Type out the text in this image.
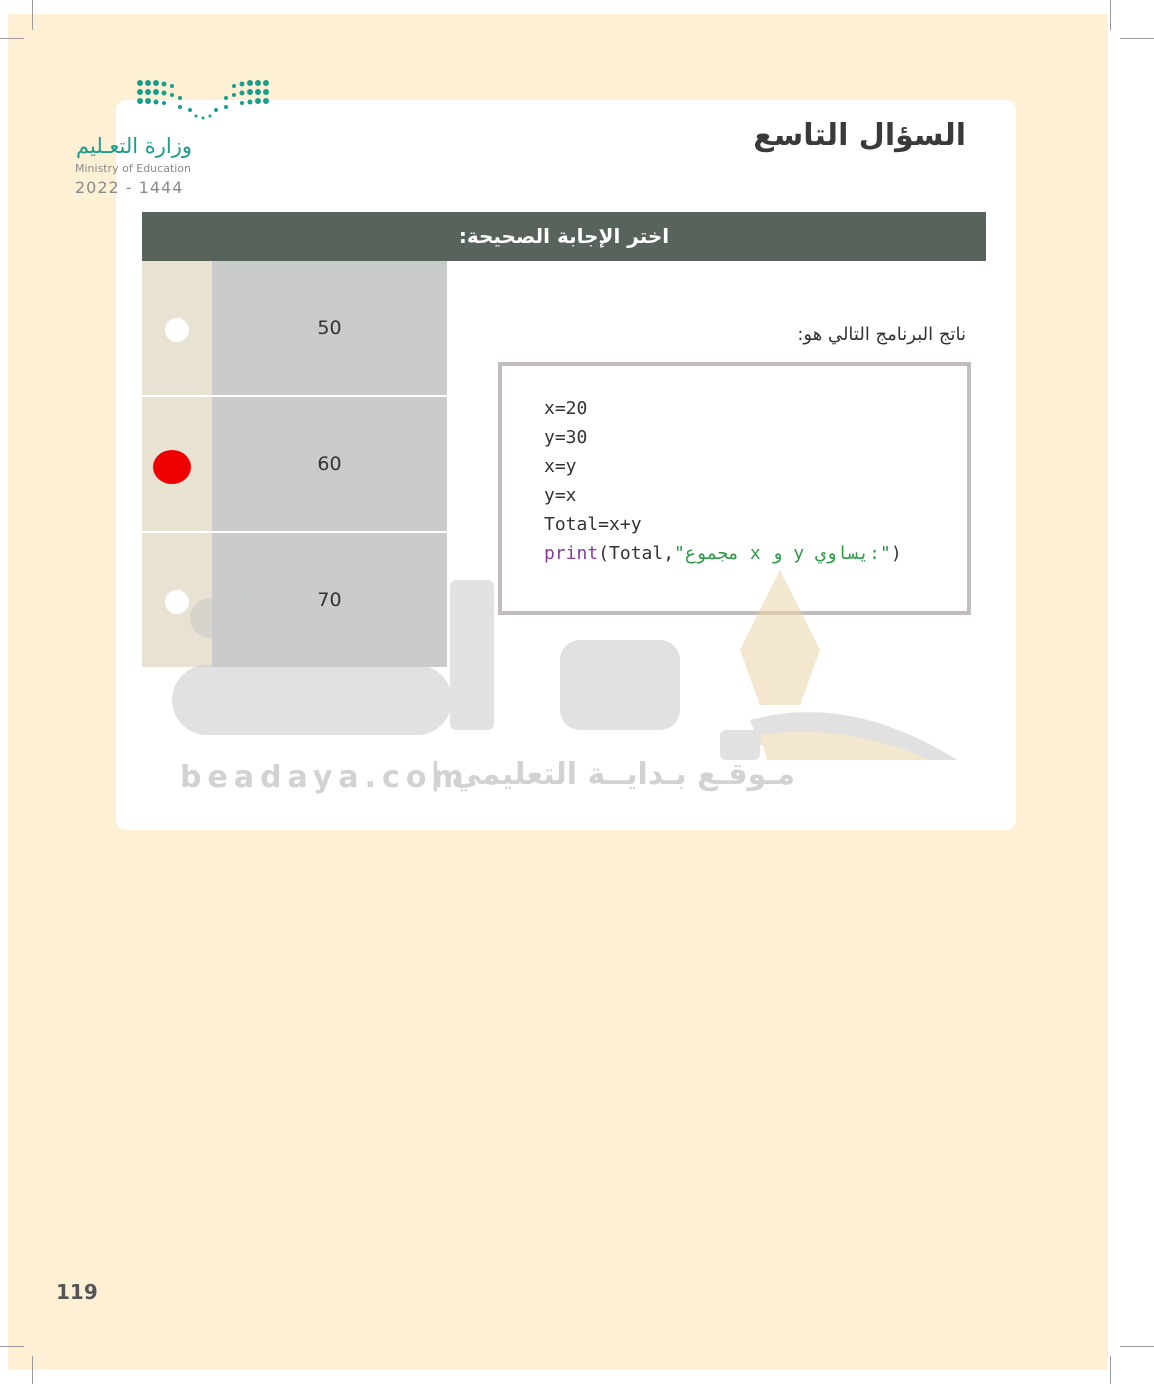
وزارة التعـليم
Ministry of Education
2022 - 1444
السؤال التاسع
اختر الإجابة الصحيحة:
50
60
70
ناتج البرنامج التالي هو:
x=20
y=30
x=y
y=x
Total=x+y
print(Total,"مجموع x و y يساوي:")
beadaya.com
مـوقـع بـدايــة التعليمي |
119
